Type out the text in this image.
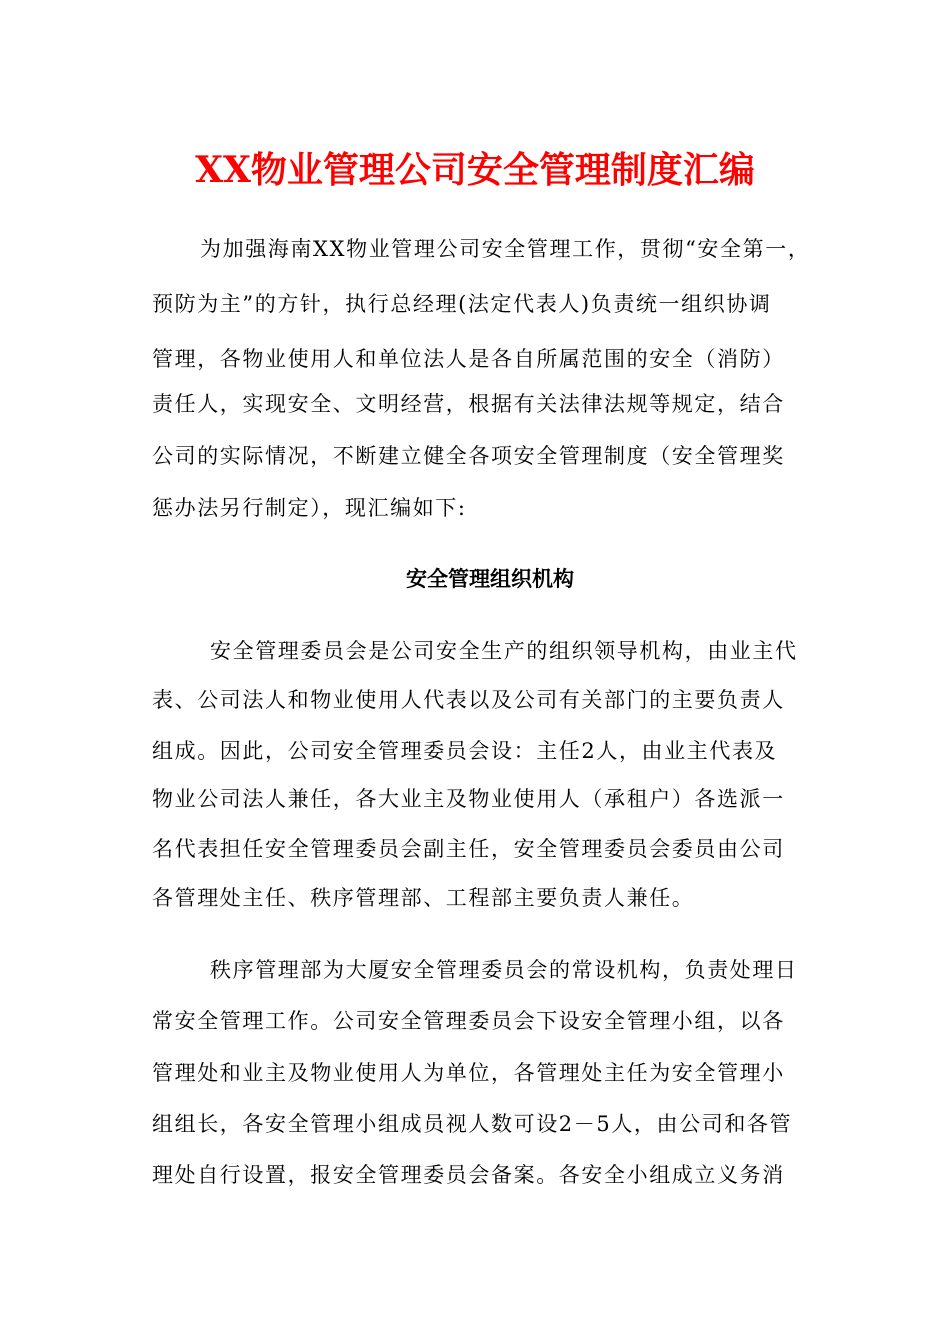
XX物业管理公司安全管理制度汇编

为加强海南XX物业管理公司安全管理工作，贯彻“安全第一，

预防为主”的方针，执行总经理(法定代表人)负责统一组织协调

管理，各物业使用人和单位法人是各自所属范围的安全（消防）

责任人，实现安全、文明经营，根据有关法律法规等规定，结合

公司的实际情况，不断建立健全各项安全管理制度（安全管理奖

惩办法另行制定），现汇编如下:

安全管理组织机构

安全管理委员会是公司安全生产的组织领导机构，由业主代

表、公司法人和物业使用人代表以及公司有关部门的主要负责人

组成。因此，公司安全管理委员会设：主任2人，由业主代表及

物业公司法人兼任，各大业主及物业使用人（承租户）各选派一

名代表担任安全管理委员会副主任，安全管理委员会委员由公司

各管理处主任、秩序管理部、工程部主要负责人兼任。

秩序管理部为大厦安全管理委员会的常设机构，负责处理日

常安全管理工作。公司安全管理委员会下设安全管理小组，以各

管理处和业主及物业使用人为单位，各管理处主任为安全管理小

组组长，各安全管理小组成员视人数可设2－5人，由公司和各管

理处自行设置，报安全管理委员会备案。各安全小组成立义务消
